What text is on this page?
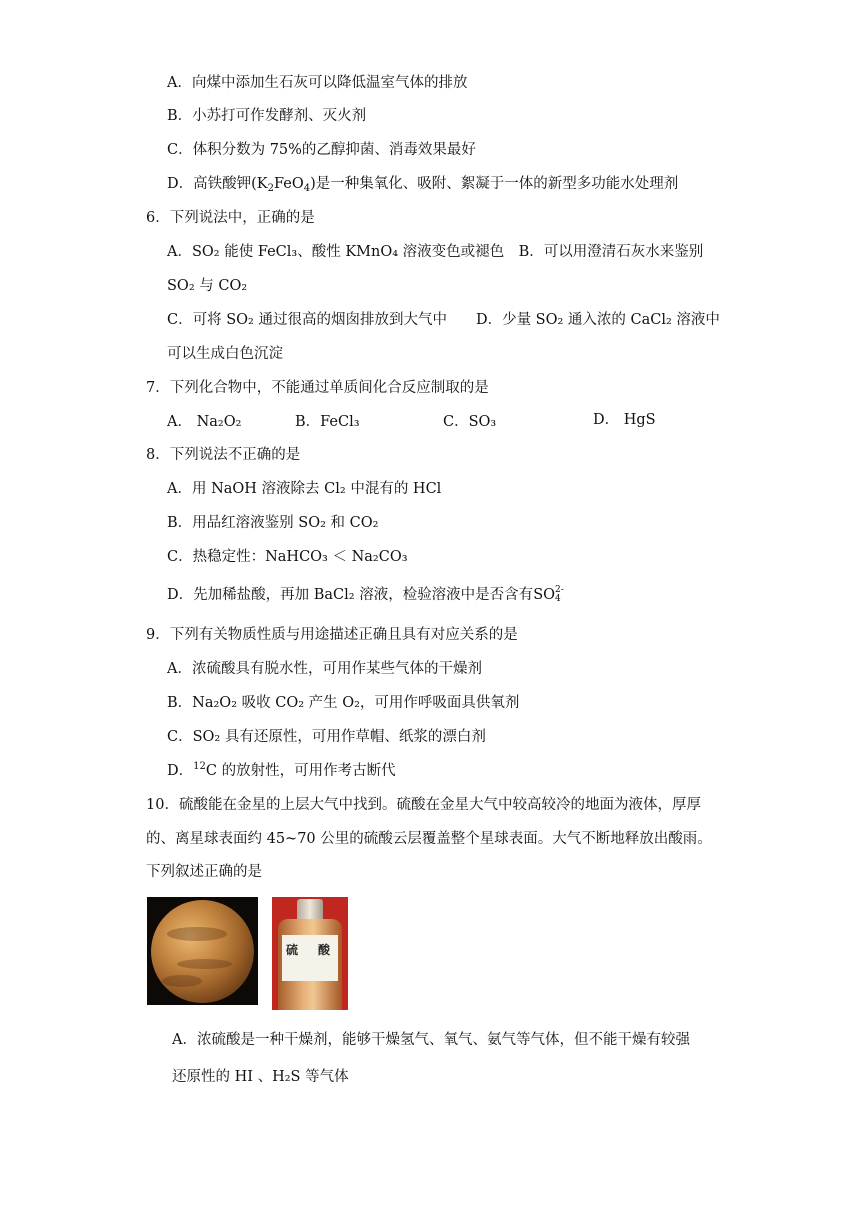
A．向煤中添加生石灰可以降低温室气体的排放
B．小苏打可作发酵剂、灭火剂
C．体积分数为 75%的乙醇抑菌、消毒效果最好
D．高铁酸钾$(K_2FeO_4)$是一种集氧化、吸附、絮凝于一体的新型多功能水处理剂
6．下列说法中，正确的是
A．SO₂ 能使 FeCl₃、酸性 KMnO₄ 溶液变色或褪色　B．可以用澄清石灰水来鉴别
SO₂ 与 CO₂
C．可将 SO₂ 通过很高的烟囱排放到大气中　　D．少量 SO₂ 通入浓的 CaCl₂ 溶液中
可以生成白色沉淀
7．下列化合物中，不能通过单质间化合反应制取的是
A． Na₂O₂	B．FeCl₃	C．SO₃	D． HgS
8．下列说法不正确的是
A．用 NaOH 溶液除去 Cl₂ 中混有的 HCl
B．用品红溶液鉴别 SO₂ 和 CO₂
C．热稳定性：NaHCO₃ ＜ Na₂CO₃
D．先加稀盐酸，再加 BaCl₂ 溶液，检验溶液中是否含有SO 2-
4
9．下列有关物质性质与用途描述正确且具有对应关系的是
A．浓硫酸具有脱水性，可用作某些气体的干燥剂
B．Na₂O₂ 吸收 CO₂ 产生 O₂，可用作呼吸面具供氧剂
C．SO₂ 具有还原性，可用作草帽、纸浆的漂白剂
D．$^{12}$C 的放射性，可用作考古断代
10．硫酸能在金星的上层大气中找到。硫酸在金星大气中较高较冷的地面为液体，厚厚
的、离星球表面约 45~70 公里的硫酸云层覆盖整个星球表面。大气不断地释放出酸雨。
下列叙述正确的是
硫　酸

A．浓硫酸是一种干燥剂，能够干燥氢气、氧气、氨气等气体，但不能干燥有较强
还原性的 HI 、H₂S 等气体
